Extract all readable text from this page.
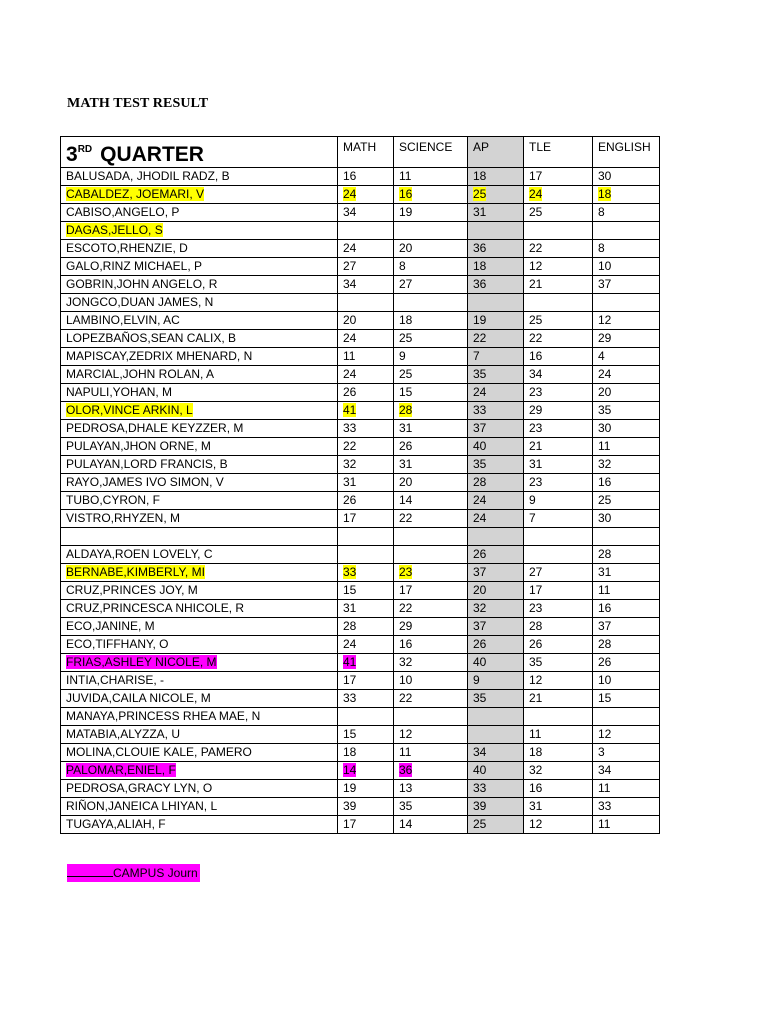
MATH TEST RESULT
3RD QUARTER	MATH	SCIENCE	AP	TLE	ENGLISH
BALUSADA, JHODIL RADZ, B	16	11	18	17	30
CABALDEZ, JOEMARI, V	24	16	25	24	18
CABISO,ANGELO, P	34	19	31	25	8
DAGAS,JELLO, S					
ESCOTO,RHENZIE, D	24	20	36	22	8
GALO,RINZ MICHAEL, P	27	8	18	12	10
GOBRIN,JOHN ANGELO, R	34	27	36	21	37
JONGCO,DUAN JAMES, N					
LAMBINO,ELVIN, AC	20	18	19	25	12
LOPEZBAÑOS,SEAN CALIX, B	24	25	22	22	29
MAPISCAY,ZEDRIX MHENARD, N	11	9	7	16	4
MARCIAL,JOHN ROLAN, A	24	25	35	34	24
NAPULI,YOHAN, M	26	15	24	23	20
OLOR,VINCE ARKIN, L	41	28	33	29	35
PEDROSA,DHALE KEYZZER, M	33	31	37	23	30
PULAYAN,JHON ORNE, M	22	26	40	21	11
PULAYAN,LORD FRANCIS, B	32	31	35	31	32
RAYO,JAMES IVO SIMON, V	31	20	28	23	16
TUBO,CYRON, F	26	14	24	9	25
VISTRO,RHYZEN, M	17	22	24	7	30

ALDAYA,ROEN LOVELY, C			26		28
BERNABE,KIMBERLY, MI	33	23	37	27	31
CRUZ,PRINCES JOY, M	15	17	20	17	11
CRUZ,PRINCESCA NHICOLE, R	31	22	32	23	16
ECO,JANINE, M	28	29	37	28	37
ECO,TIFFHANY, O	24	16	26	26	28
FRIAS,ASHLEY NICOLE, M	41	32	40	35	26
INTIA,CHARISE, -	17	10	9	12	10
JUVIDA,CAILA NICOLE, M	33	22	35	21	15
MANAYA,PRINCESS RHEA MAE, N					
MATABIA,ALYZZA, U	15	12		11	12
MOLINA,CLOUIE KALE, PAMERO	18	11	34	18	3
PALOMAR,ENIEL, F	14	36	40	32	34
PEDROSA,GRACY LYN, O	19	13	33	16	11
RIÑON,JANEICA LHIYAN, L	39	35	39	31	33
TUGAYA,ALIAH, F	17	14	25	12	11
CAMPUS Journ
